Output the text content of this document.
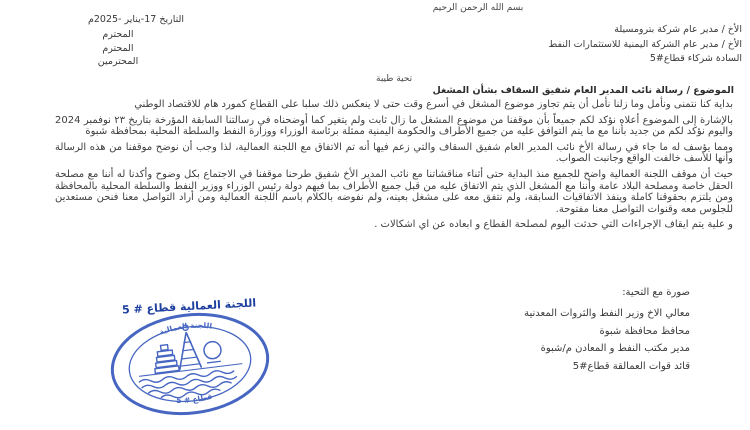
بسم الله الرحمن الرحيم
التاريخ 17-يناير -2025م
المحترم
المحترم
المحترمين
الأخ / مدير عام شركة بترومسيلة
الأخ / مدير عام الشركة اليمنية للاستثمارات النفط
السادة شركاء قطاع#5
تحية طيبة
الموضوع / رسالة نائب المدير العام شفيق السقاف بشأن المشغل

بداية كنا نتمنى ونأمل وما زلنا نأمل أن يتم تجاوز موضوع المشغل في أسرع وقت حتى لا ينعكس ذلك سلبا على القطاع كمورد هام للاقتصاد الوطني

بالإشارة إلى الموضوع أعلاه نؤكد لكم جميعاً بأن موقفنا من موضوع المشغل ما زال ثابت ولم يتغير كما أوضحناه في رسالتنا السابقة المؤرخة بتاريخ ٢٣ نوفمبر 2024 واليوم نؤكد لكم من جديد بأننا مع ما يتم التوافق عليه من جميع الأطراف والحكومة اليمنية ممثلة برئاسة الوزراء ووزارة النفط والسلطة المحلية بمحافظة شبوة

ومما يؤسف له ما جاء في رسالة الأخ نائب المدير العام شفيق السقاف والتي زعم فيها أنه تم الاتفاق مع اللجنة العمالية، لذا وجب أن نوضح موقفنا من هذه الرسالة وأنها للأسف خالفت الواقع وجانبت الصواب.

حيث أن موقف اللجنة العمالية واضح للجميع منذ البداية حتى أثناء مناقشاتنا مع نائب المدير الأخ شفيق طرحنا موقفنا في الاجتماع بكل وضوح وأكدنا له أننا مع مصلحة الحقل خاصة ومصلحة البلاد عامة وأننا مع المشغل الذي يتم الاتفاق عليه من قبل جميع الأطراف بما فيهم دولة رئيس الوزراء ووزير النفط والسلطة المحلية بالمحافظة ومن يلتزم بحقوقنا كاملة وينفذ الاتفاقيات السابقة، ولم نتفق معه على مشغل بعينه، ولم نفوضه بالكلام باسم اللجنة العمالية ومن أراد التواصل معنا فنحن مستعدين للجلوس معه وقنوات التواصل معنا مفتوحة.

و علية يتم ايقاف الإجراءات التي حدثت اليوم لمصلحة القطاع و ابعاده عن اي اشكالات .

صورة مع التحية:
معالي الاخ وزير النفط والثروات المعدنية
محافظ محافظة شبوة
مدير مكتب النفط و المعادن م/شبوة
قائد قوات العمالقة قطاع#5
اللجنة العمالية قطاع # 5
اللجنة العمالية
قطاع # 5
